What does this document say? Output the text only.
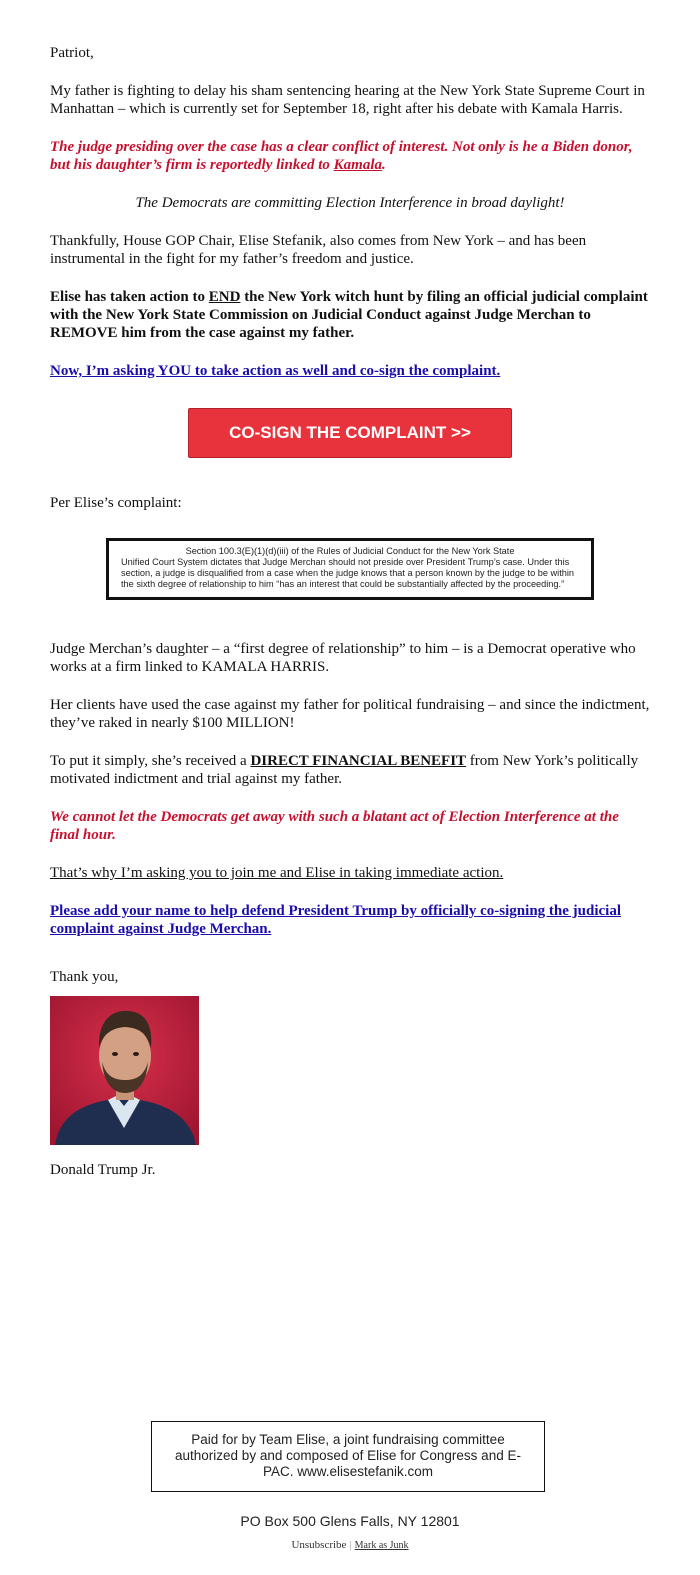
Patriot,

My father is fighting to delay his sham sentencing hearing at the New York State Supreme Court in Manhattan – which is currently set for September 18, right after his debate with Kamala Harris.

The judge presiding over the case has a clear conflict of interest. Not only is he a Biden donor, but his daughter’s firm is reportedly linked to Kamala.

The Democrats are committing Election Interference in broad daylight!

Thankfully, House GOP Chair, Elise Stefanik, also comes from New York – and has been instrumental in the fight for my father’s freedom and justice.

Elise has taken action to END the New York witch hunt by filing an official judicial complaint with the New York State Commission on Judicial Conduct against Judge Merchan to REMOVE him from the case against my father.

Now, I’m asking YOU to take action as well and co-sign the complaint.

CO-SIGN THE COMPLAINT >>

Per Elise’s complaint:

Section 100.3(E)(1)(d)(iii) of the Rules of Judicial Conduct for the New York State
Unified Court System dictates that Judge Merchan should not preside over President Trump’s case. Under this section, a judge is disqualified from a case when the judge knows that a person known by the judge to be within the sixth degree of relationship to him “has an interest that could be substantially affected by the proceeding.”

Judge Merchan’s daughter – a “first degree of relationship” to him – is a Democrat operative who works at a firm linked to KAMALA HARRIS.

Her clients have used the case against my father for political fundraising – and since the indictment, they’ve raked in nearly $100 MILLION!

To put it simply, she’s received a DIRECT FINANCIAL BENEFIT from New York’s politically motivated indictment and trial against my father.

We cannot let the Democrats get away with such a blatant act of Election Interference at the final hour.

That’s why I’m asking you to join me and Elise in taking immediate action.

Please add your name to help defend President Trump by officially co-signing the judicial complaint against Judge Merchan.

Thank you,

Donald Trump Jr.

Paid for by Team Elise, a joint fundraising committee authorized by and composed of Elise for Congress and E-PAC. www.elisestefanik.com
PO Box 500 Glens Falls, NY 12801
Unsubscribe | Mark as Junk
